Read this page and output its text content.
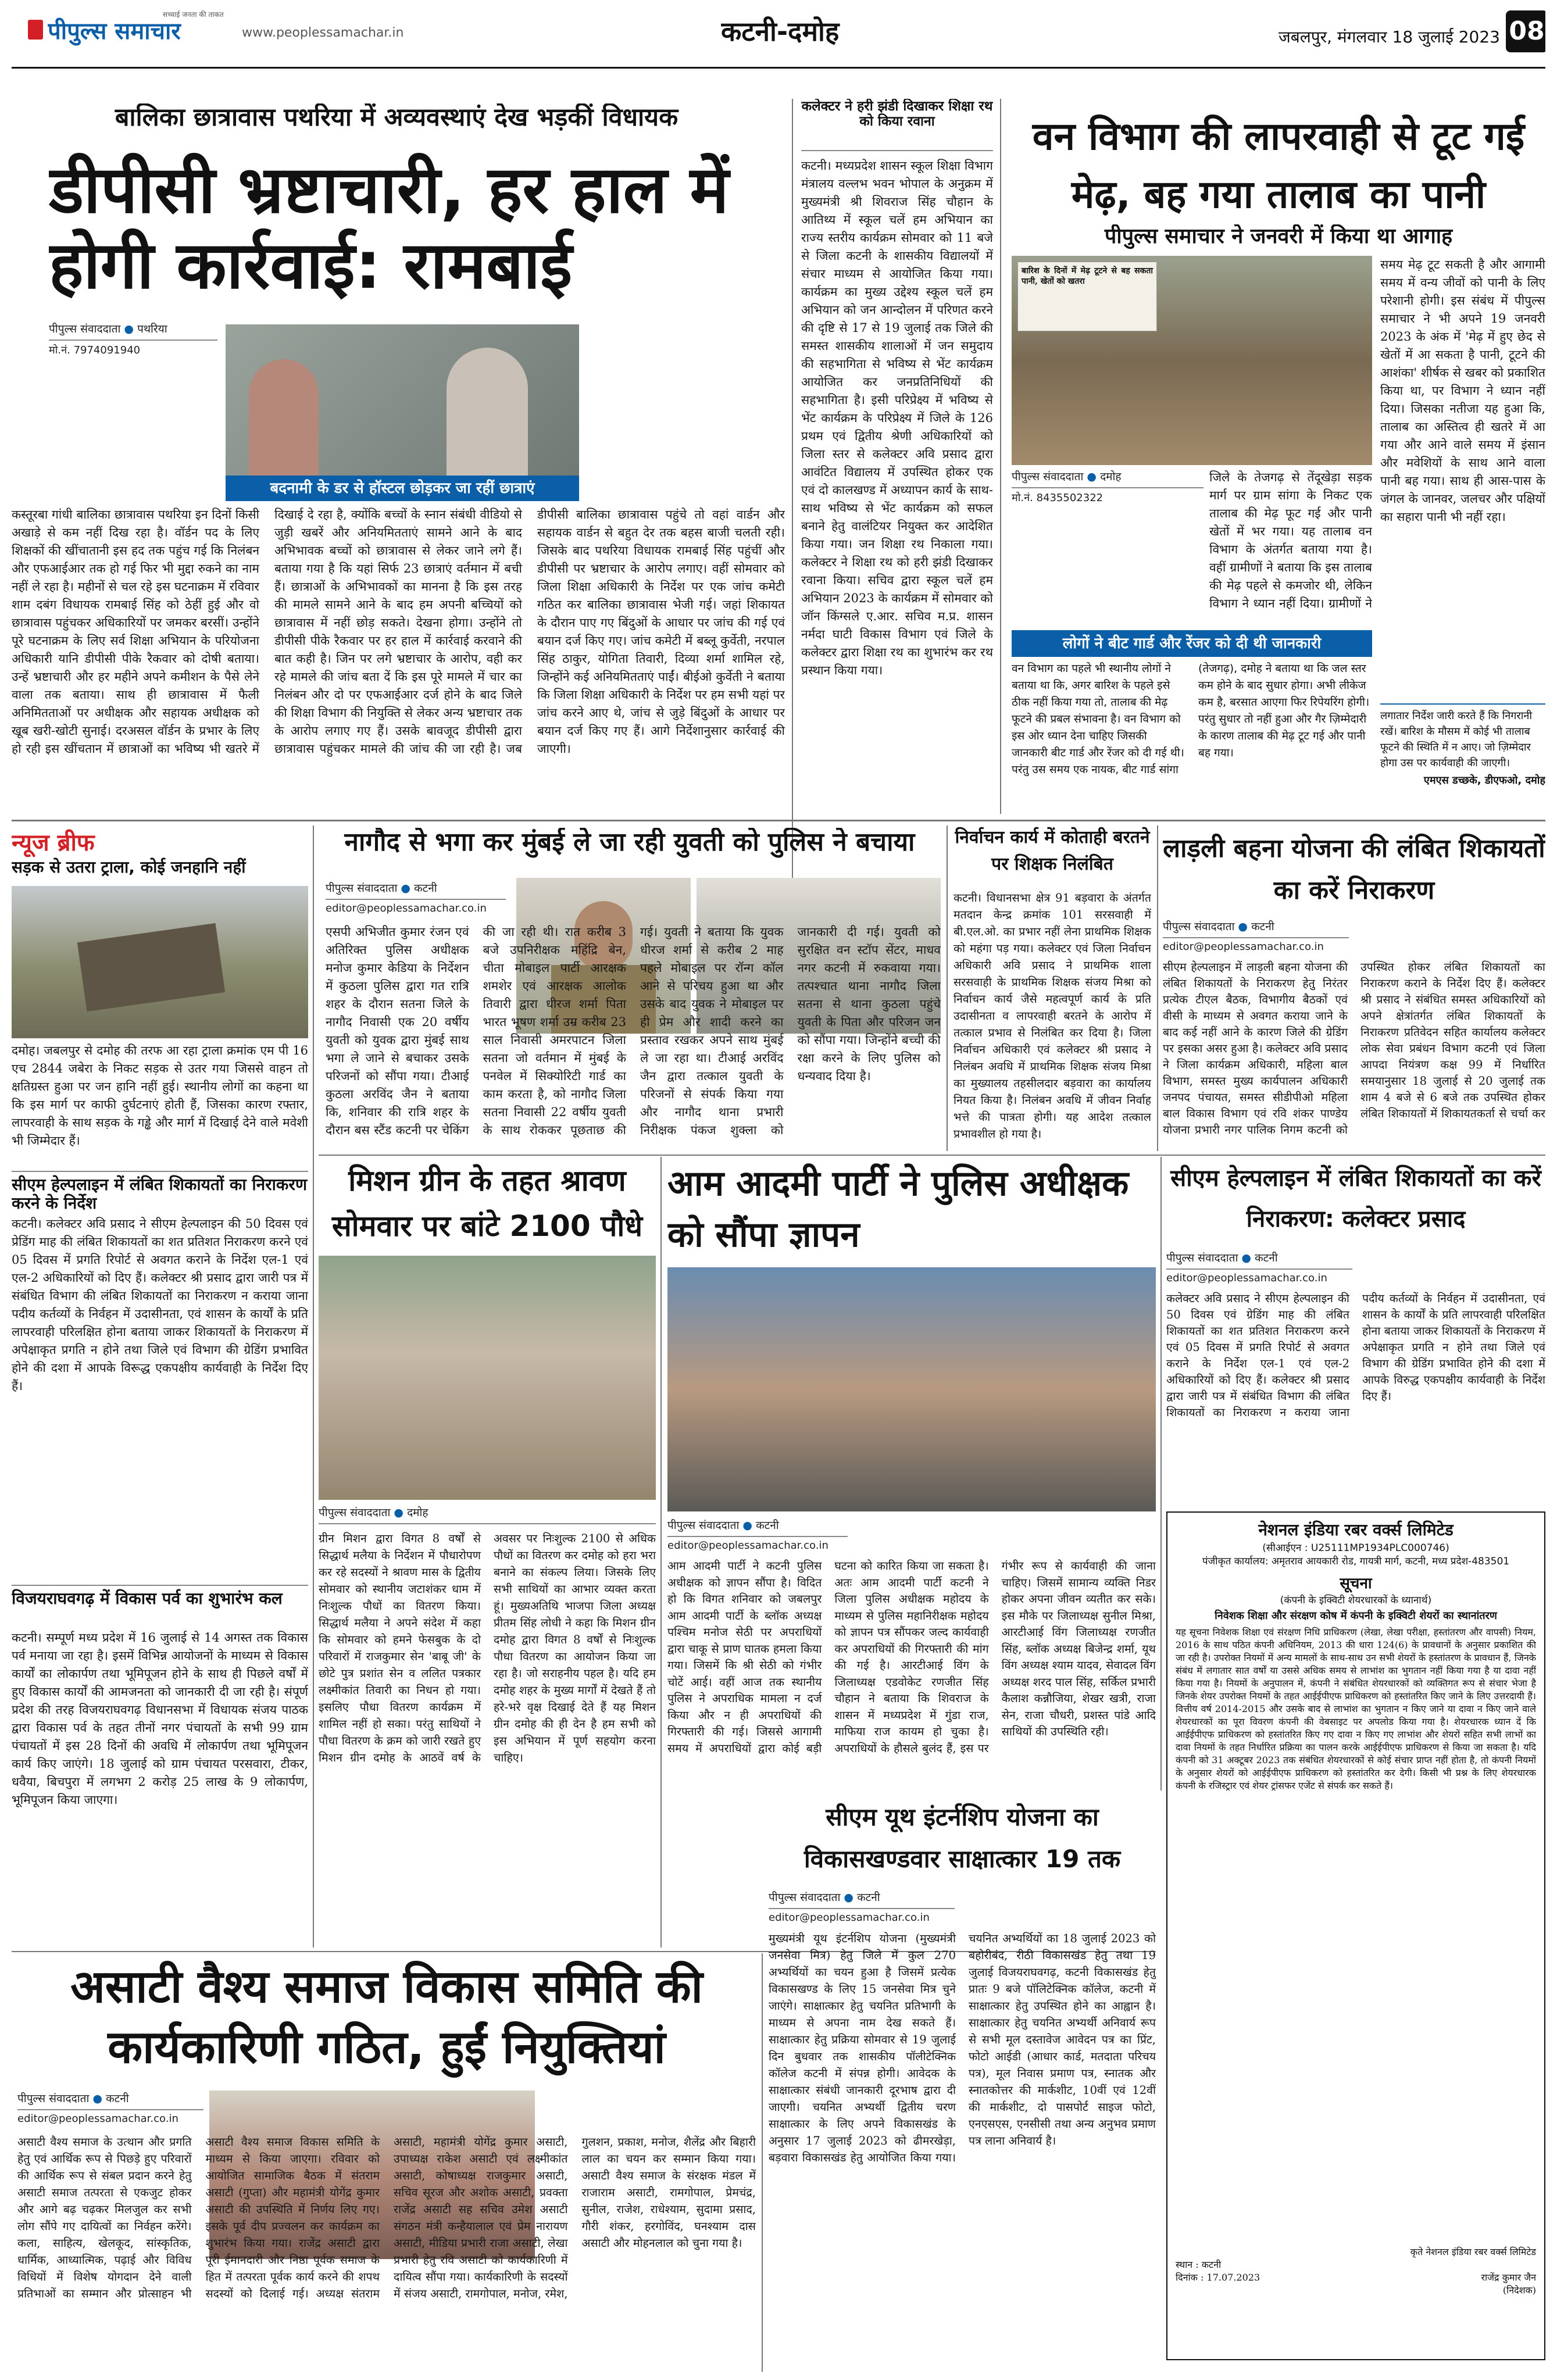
पीपुल्स समाचार
सच्चाई जनता की ताकत
www.peoplessamachar.in	कटनी-दमोह	जबलपुर, मंगलवार 18 जुलाई 2023 08
बालिका छात्रावास पथरिया में अव्यवस्थाएं देख भड़कीं विधायक
डीपीसी भ्रष्टाचारी, हर हाल में होगी कार्रवाई: रामबाई
पीपुल्स संवाददाता ● पथरिया
मो.नं. 7974091940
बदनामी के डर से हॉस्टल छोड़कर जा रहीं छात्राएं
कस्तूरबा गांधी बालिका छात्रावास पथरिया इन दिनों किसी अखाड़े से कम नहीं दिख रहा है। वॉर्डन पद के लिए शिक्षकों की खींचातानी इस हद तक पहुंच गई कि निलंबन और एफआईआर तक हो गई फिर भी मुद्दा रुकने का नाम नहीं ले रहा है। महीनों से चल रहे इस घटनाक्रम में रविवार शाम दबंग विधायक रामबाई सिंह को ठेहीं हुई और वो छात्रावास पहुंचकर अधिकारियों पर जमकर बरसीं। उन्होंने पूरे घटनाक्रम के लिए सर्व शिक्षा अभियान के परियोजना अधिकारी यानि डीपीसी पीके रैकवार को दोषी बताया। उन्हें भ्रष्टाचारी और हर महीने अपने कमीशन के पैसे लेने वाला तक बताया। साथ ही छात्रावास में फैली अनिमितताओं पर अधीक्षक और सहायक अधीक्षक को खूब खरी-खोटी सुनाई। दरअसल वॉर्डन के प्रभार के लिए हो रही इस खींचतान में छात्राओं का भविष्य भी खतरे में दिखाई दे रहा है, क्योंकि बच्चों के स्नान संबंधी वीडियो से जुड़ी खबरें और अनियमितताएं सामने आने के बाद अभिभावक बच्चों को छात्रावास से लेकर जाने लगे हैं। बताया गया है कि यहां सिर्फ 23 छात्राएं वर्तमान में बची हैं। छात्राओं के अभिभावकों का मानना है कि इस तरह की मामले सामने आने के बाद हम अपनी बच्चियों को छात्रावास में नहीं छोड़ सकते। देखना होगा। उन्होंने तो डीपीसी पीके रैकवार पर हर हाल में कार्रवाई करवाने की बात कही है। जिन पर लगे भ्रष्टाचार के आरोप, वही कर रहे मामले की जांच बता दें कि इस पूरे मामले में चार का निलंबन और दो पर एफआईआर दर्ज होने के बाद जिले की शिक्षा विभाग की नियुक्ति से लेकर अन्य भ्रष्टाचार तक के आरोप लगाए गए हैं। उसके बावजूद डीपीसी द्वारा छात्रावास पहुंचकर मामले की जांच की जा रही है। जब डीपीसी बालिका छात्रावास पहुंचे तो वहां वार्डन और सहायक वार्डन से बहुत देर तक बहस बाजी चलती रही। जिसके बाद पथरिया विधायक रामबाई सिंह पहुंचीं और डीपीसी पर भ्रष्टाचार के आरोप लगाए। वहीं सोमवार को जिला शिक्षा अधिकारी के निर्देश पर एक जांच कमेटी गठित कर बालिका छात्रावास भेजी गई। जहां शिकायत के दौरान पाए गए बिंदुओं के आधार पर जांच की गई एवं बयान दर्ज किए गए। जांच कमेटी में बब्लू कुर्वेती, नरपाल सिंह ठाकुर, योगिता तिवारी, दिव्या शर्मा शामिल रहे, जिन्होंने कई अनियमितताएं पाईं। बीईओ कुर्वेती ने बताया कि जिला शिक्षा अधिकारी के निर्देश पर हम सभी यहां पर जांच करने आए थे, जांच से जुड़े बिंदुओं के आधार पर बयान दर्ज किए गए हैं। आगे निर्देशानुसार कार्रवाई की जाएगी।
कलेक्टर ने हरी झंडी दिखाकर शिक्षा रथ को किया रवाना
कटनी। मध्यप्रदेश शासन स्कूल शिक्षा विभाग मंत्रालय वल्लभ भवन भोपाल के अनुक्रम में मुख्यमंत्री श्री शिवराज सिंह चौहान के आतिथ्य में स्कूल चलें हम अभियान का राज्य स्तरीय कार्यक्रम सोमवार को 11 बजे से जिला कटनी के शासकीय विद्यालयों में संचार माध्यम से आयोजित किया गया। कार्यक्रम का मुख्य उद्देश्य स्कूल चलें हम अभियान को जन आन्दोलन में परिणत करने की दृष्टि से 17 से 19 जुलाई तक जिले की समस्त शासकीय शालाओं में जन समुदाय की सहभागिता से भविष्य से भेंट कार्यक्रम आयोजित कर जनप्रतिनिधियों की सहभागिता है। इसी परिप्रेक्ष्य में भविष्य से भेंट कार्यक्रम के परिप्रेक्ष्य में जिले के 126 प्रथम एवं द्वितीय श्रेणी अधिकारियों को जिला स्तर से कलेक्टर अवि प्रसाद द्वारा आवंटित विद्यालय में उपस्थित होकर एक एवं दो कालखण्ड में अध्यापन कार्य के साथ-साथ भविष्य से भेंट कार्यक्रम को सफल बनाने हेतु वालंटियर नियुक्त कर आदेशित किया गया। जन शिक्षा रथ निकाला गया। कलेक्टर ने शिक्षा रथ को हरी झंडी दिखाकर रवाना किया। सचिव द्वारा स्कूल चलें हम अभियान 2023 के कार्यक्रम में सोमवार को जॉन किंग्सले ए.आर. सचिव म.प्र. शासन नर्मदा घाटी विकास विभाग एवं जिले के कलेक्टर द्वारा शिक्षा रथ का शुभारंभ कर रथ प्रस्थान किया गया।
वन विभाग की लापरवाही से टूट गई मेढ़, बह गया तालाब का पानी
पीपुल्स समाचार ने जनवरी में किया था आगाह
बारिश के दिनों में मेढ़ टूटने से बह सकता पानी, खेतों को खतरा
पीपुल्स संवाददाता ● दमोह
मो.नं. 8435502322
समय मेढ़ टूट सकती है और आगामी समय में वन्य जीवों को पानी के लिए परेशानी होगी। इस संबंध में पीपुल्स समाचार ने भी अपने 19 जनवरी 2023 के अंक में 'मेढ़ में हुए छेद से खेतों में आ सकता है पानी, टूटने की आशंका' शीर्षक से खबर को प्रकाशित किया था, पर विभाग ने ध्यान नहीं दिया। जिसका नतीजा यह हुआ कि, तालाब का अस्तित्व ही खतरे में आ गया और आने वाले समय में इंसान और मवेशियों के साथ आने वाला पानी बह गया। साथ ही आस-पास के जंगल के जानवर, जलचर और पक्षियों का सहारा पानी भी नहीं रहा।
जिले के तेजगढ़ से तेंदूखेड़ा सड़क मार्ग पर ग्राम सांगा के निकट एक तालाब की मेढ़ फूट गई और पानी खेतों में भर गया। यह तालाब वन विभाग के अंतर्गत बताया गया है। वहीं ग्रामीणों ने बताया कि इस तालाब की मेढ़ पहले से कमजोर थी, लेकिन विभाग ने ध्यान नहीं दिया। ग्रामीणों ने
लोगों ने बीट गार्ड और रेंजर को दी थी जानकारी
वन विभाग का पहले भी स्थानीय लोगों ने बताया था कि, अगर बारिश के पहले इसे ठीक नहीं किया गया तो, तालाब की मेढ़ फूटने की प्रबल संभावना है। वन विभाग को इस ओर ध्यान देना चाहिए जिसकी जानकारी बीट गार्ड और रेंजर को दी गई थी। परंतु उस समय एक नायक, बीट गार्ड सांगा (तेजगढ़), दमोह ने बताया था कि जल स्तर कम होने के बाद सुधार होगा। अभी लीकेज कम है, बरसात आएगा फिर रिपेयरिंग होगी। परंतु सुधार तो नहीं हुआ और गैर ज़िम्मेदारी के कारण तालाब की मेढ़ टूट गई और पानी बह गया।
लगातार निर्देश जारी करते हैं कि निगरानी रखें। बारिश के मौसम में कोई भी तालाब फूटने की स्थिति में न आए। जो ज़िम्मेदार होगा उस पर कार्यवाही की जाएगी।
एमएस डच्छके, डीएफओ, दमोह
न्यूज ब्रीफ
सड़क से उतरा ट्राला, कोई जनहानि नहीं
दमोह। जबलपुर से दमोह की तरफ आ रहा ट्राला क्रमांक एम पी 16 एच 2844 जबेरा के निकट सड़क से उतर गया जिससे वाहन तो क्षतिग्रस्त हुआ पर जन हानि नहीं हुई। स्थानीय लोगों का कहना था कि इस मार्ग पर काफी दुर्घटनाएं होती हैं, जिसका कारण रफ्तार, लापरवाही के साथ सड़क के गड्ढे और मार्ग में दिखाई देने वाले मवेशी भी जिम्मेदार हैं।
सीएम हेल्पलाइन में लंबित शिकायतों का निराकरण करने के निर्देश
कटनी। कलेक्टर अवि प्रसाद ने सीएम हेल्पलाइन की 50 दिवस एवं प्रेडिंग माह की लंबित शिकायतों का शत प्रतिशत निराकरण करने एवं 05 दिवस में प्रगति रिपोर्ट से अवगत कराने के निर्देश एल-1 एवं एल-2 अधिकारियों को दिए हैं। कलेक्टर श्री प्रसाद द्वारा जारी पत्र में संबंधित विभाग की लंबित शिकायतों का निराकरण न कराया जाना पदीय कर्तव्यों के निर्वहन में उदासीनता, एवं शासन के कार्यों के प्रति लापरवाही परिलक्षित होना बताया जाकर शिकायतों के निराकरण में अपेक्षाकृत प्रगति न होने तथा जिले एवं विभाग की ग्रेडिंग प्रभावित होने की दशा में आपके विरूद्ध एकपक्षीय कार्यवाही के निर्देश दिए हैं।
विजयराघवगढ़ में विकास पर्व का शुभारंभ कल
कटनी। सम्पूर्ण मध्य प्रदेश में 16 जुलाई से 14 अगस्त तक विकास पर्व मनाया जा रहा है। इसमें विभिन्न आयोजनों के माध्यम से विकास कार्यों का लोकार्पण तथा भूमिपूजन होने के साथ ही पिछले वर्षों में हुए विकास कार्यों की आमजनता को जानकारी दी जा रही है। संपूर्ण प्रदेश की तरह विजयराघवगढ़ विधानसभा में विधायक संजय पाठक द्वारा विकास पर्व के तहत तीनों नगर पंचायतों के सभी 99 ग्राम पंचायतों में इस 28 दिनों की अवधि में लोकार्पण तथा भूमिपूजन कार्य किए जाएंगे। 18 जुलाई को ग्राम पंचायत परसवारा, टीकर, धवैया, बिचपुरा में लगभग 2 करोड़ 25 लाख के 9 लोकार्पण, भूमिपूजन किया जाएगा।
नागौद से भगा कर मुंबई ले जा रही युवती को पुलिस ने बचाया
पीपुल्स संवाददाता ● कटनी
editor@peoplessamachar.co.in
एसपी अभिजीत कुमार रंजन एवं अतिरिक्त पुलिस अधीक्षक मनोज कुमार केडिया के निर्देशन में कुठला पुलिस द्वारा गत रात्रि शहर के दौरान सतना जिले के नागौद निवासी एक 20 वर्षीय युवती को युवक द्वारा मुंबई साथ भगा ले जाने से बचाकर उसके परिजनों को सौंपा गया। टीआई कुठला अरविंद जैन ने बताया कि, शनिवार की रात्रि शहर के दौरान बस स्टैंड कटनी पर चेकिंग की जा रही थी। रात करीब 3 बजे उपनिरीक्षक महिंद्रि बेन, चीता मोबाइल पार्टी आरक्षक शमशेर एवं आरक्षक आलोक तिवारी द्वारा धीरज शर्मा पिता भारत भूषण शर्मा उम्र करीब 23 साल निवासी अमरपाटन जिला सतना जो वर्तमान में मुंबई के पनवेल में सिक्योरिटी गार्ड का काम करता है, को नागौद जिला सतना निवासी 22 वर्षीय युवती के साथ रोककर पूछताछ की गई। युवती ने बताया कि युवक धीरज शर्मा से करीब 2 माह पहले मोबाइल पर रॉन्ग कॉल आने से परिचय हुआ था और उसके बाद युवक ने मोबाइल पर ही प्रेम और शादी करने का प्रस्ताव रखकर अपने साथ मुंबई ले जा रहा था। टीआई अरविंद जैन द्वारा तत्काल युवती के परिजनों से संपर्क किया गया और नागौद थाना प्रभारी निरीक्षक पंकज शुक्ला को जानकारी दी गई। युवती को सुरक्षित वन स्टॉप सेंटर, माधव नगर कटनी में रुकवाया गया। तत्पश्चात थाना नागौद जिला सतना से थाना कुठला पहुंचे युवती के पिता और परिजन जन को सौंपा गया। जिन्होंने बच्ची की रक्षा करने के लिए पुलिस को धन्यवाद दिया है।
निर्वाचन कार्य में कोताही बरतने पर शिक्षक निलंबित
कटनी। विधानसभा क्षेत्र 91 बड़वारा के अंतर्गत मतदान केन्द्र क्रमांक 101 सरसवाही में बी.एल.ओ. का प्रभार नहीं लेना प्राथमिक शिक्षक को महंगा पड़ गया। कलेक्टर एवं जिला निर्वाचन अधिकारी अवि प्रसाद ने प्राथमिक शाला सरसवाही के प्राथमिक शिक्षक संजय मिश्रा को निर्वाचन कार्य जैसे महत्वपूर्ण कार्य के प्रति उदासीनता व लापरवाही बरतने के आरोप में तत्काल प्रभाव से निलंबित कर दिया है। जिला निर्वाचन अधिकारी एवं कलेक्टर श्री प्रसाद ने निलंबन अवधि में प्राथमिक शिक्षक संजय मिश्रा का मुख्यालय तहसीलदार बड़वारा का कार्यालय नियत किया है। निलंबन अवधि में जीवन निर्वाह भत्ते की पात्रता होगी। यह आदेश तत्काल प्रभावशील हो गया है।
लाड़ली बहना योजना की लंबित शिकायतों का करें निराकरण
पीपुल्स संवाददाता ● कटनी
editor@peoplessamachar.co.in
सीएम हेल्पलाइन में लाड़ली बहना योजना की लंबित शिकायतों के निराकरण हेतु निरंतर प्रत्येक टीएल बैठक, विभागीय बैठकों एवं वीसी के माध्यम से अवगत कराया जाने के बाद कई नहीं आने के कारण जिले की ग्रेडिंग पर इसका असर हुआ है। कलेक्टर अवि प्रसाद ने जिला कार्यक्रम अधिकारी, महिला बाल विभाग, समस्त मुख्य कार्यपालन अधिकारी जनपद पंचायत, समस्त सीडीपीओ महिला बाल विकास विभाग एवं रवि शंकर पाण्डेय योजना प्रभारी नगर पालिक निगम कटनी को उपस्थित होकर लंबित शिकायतों का निराकरण कराने के निर्देश दिए हैं। कलेक्टर श्री प्रसाद ने संबंधित समस्त अधिकारियों को अपने क्षेत्रांतर्गत लंबित शिकायतों के निराकरण प्रतिवेदन सहित कार्यालय कलेक्टर लोक सेवा प्रबंधन विभाग कटनी एवं जिला आपदा नियंत्रण कक्ष 99 में निर्धारित समयानुसार 18 जुलाई से 20 जुलाई तक शाम 4 बजे से 6 बजे तक उपस्थित होकर लंबित शिकायतों में शिकायतकर्ता से चर्चा कर
मिशन ग्रीन के तहत श्रावण सोमवार पर बांटे 2100 पौधे
पीपुल्स संवाददाता ● दमोह
ग्रीन मिशन द्वारा विगत 8 वर्षों से सिद्धार्थ मलैया के निर्देशन में पौधारोपण कर रहे सदस्यों ने श्रावण मास के द्वितीय सोमवार को स्थानीय जटाशंकर धाम में निःशुल्क पौधों का वितरण किया। सिद्धार्थ मलैया ने अपने संदेश में कहा कि सोमवार को हमने फेसबुक के दो परिवारों में राजकुमार सेन 'बाबू जी' के छोटे पुत्र प्रशांत सेन व ललित पत्रकार लक्ष्मीकांत तिवारी का निधन हो गया। इसलिए पौधा वितरण कार्यक्रम में शामिल नहीं हो सका। परंतु साथियों ने पौधा वितरण के क्रम को जारी रखते हुए मिशन ग्रीन दमोह के आठवें वर्ष के अवसर पर निःशुल्क 2100 से अधिक पौधों का वितरण कर दमोह को हरा भरा बनाने का संकल्प लिया। जिसके लिए सभी साथियों का आभार व्यक्त करता हूं। मुख्यअतिथि भाजपा जिला अध्यक्ष प्रीतम सिंह लोधी ने कहा कि मिशन ग्रीन दमोह द्वारा विगत 8 वर्षों से निःशुल्क पौधा वितरण का आयोजन किया जा रहा है। जो सराहनीय पहल है। यदि हम दमोह शहर के मुख्य मार्गों में देखते हैं तो हरे-भरे वृक्ष दिखाई देते हैं यह मिशन ग्रीन दमोह की ही देन है हम सभी को इस अभियान में पूर्ण सहयोग करना चाहिए।
आम आदमी पार्टी ने पुलिस अधीक्षक को सौंपा ज्ञापन
पीपुल्स संवाददाता ● कटनी
editor@peoplessamachar.co.in
आम आदमी पार्टी ने कटनी पुलिस अधीक्षक को ज्ञापन सौंपा है। विदित हो कि विगत शनिवार को जबलपुर आम आदमी पार्टी के ब्लॉक अध्यक्ष पश्चिम मनोज सेठी पर अपराधियों द्वारा चाकू से प्राण घातक हमला किया गया। जिसमें कि श्री सेठी को गंभीर चोटें आई। वहीं आज तक स्थानीय पुलिस ने अपराधिक मामला न दर्ज किया और न ही अपराधियों की गिरफ्तारी की गई। जिससे आगामी समय में अपराधियों द्वारा कोई बड़ी घटना को कारित किया जा सकता है। अतः आम आदमी पार्टी कटनी ने जिला पुलिस अधीक्षक महोदय के माध्यम से पुलिस महानिरीक्षक महोदय को ज्ञापन पत्र सौंपकर जल्द कार्यवाही कर अपराधियों की गिरफ्तारी की मांग की गई है। आरटीआई विंग के जिलाध्यक्ष एडवोकेट रणजीत सिंह चौहान ने बताया कि शिवराज के शासन में मध्यप्रदेश में गुंडा राज, माफिया राज कायम हो चुका है। अपराधियों के हौसले बुलंद हैं, इस पर गंभीर रूप से कार्यवाही की जाना चाहिए। जिसमें सामान्य व्यक्ति निडर होकर अपना जीवन व्यतीत कर सके। इस मौके पर जिलाध्यक्ष सुनील मिश्रा, आरटीआई विंग जिलाध्यक्ष रणजीत सिंह, ब्लॉक अध्यक्ष बिजेन्द्र शर्मा, यूथ विंग अध्यक्ष श्याम यादव, सेवादल विंग अध्यक्ष शरद पाल सिंह, सर्किल प्रभारी कैलाश कन्नौजिया, शेखर खत्री, राजा सेन, राजा चौधरी, प्रशस्त पांडे आदि साथियों की उपस्थिति रही।
सीएम हेल्पलाइन में लंबित शिकायतों का करें निराकरण: कलेक्टर प्रसाद
पीपुल्स संवाददाता ● कटनी
editor@peoplessamachar.co.in
कलेक्टर अवि प्रसाद ने सीएम हेल्पलाइन की 50 दिवस एवं ग्रेडिंग माह की लंबित शिकायतों का शत प्रतिशत निराकरण करने एवं 05 दिवस में प्रगति रिपोर्ट से अवगत कराने के निर्देश एल-1 एवं एल-2 अधिकारियों को दिए हैं। कलेक्टर श्री प्रसाद द्वारा जारी पत्र में संबंधित विभाग की लंबित शिकायतों का निराकरण न कराया जाना पदीय कर्तव्यों के निर्वहन में उदासीनता, एवं शासन के कार्यों के प्रति लापरवाही परिलक्षित होना बताया जाकर शिकायतों के निराकरण में अपेक्षाकृत प्रगति न होने तथा जिले एवं विभाग की ग्रेडिंग प्रभावित होने की दशा में आपके विरुद्ध एकपक्षीय कार्यवाही के निर्देश दिए हैं।
नेशनल इंडिया रबर वर्क्स लिमिटेड
(सीआईएन : U25111MP1934PLC000746)
पंजीकृत कार्यालय: अमृतराव आयकारी रोड, गायत्री मार्ग, कटनी, मध्य प्रदेश-483501
सूचना
(कंपनी के इक्विटी शेयरधारकों के ध्यानार्थ)
निवेशक शिक्षा और संरक्षण कोष में कंपनी के इक्विटी शेयरों का स्थानांतरण
यह सूचना निवेशक शिक्षा एवं संरक्षण निधि प्राधिकरण (लेखा, लेखा परीक्षा, हस्तांतरण और वापसी) नियम, 2016 के साथ पठित कंपनी अधिनियम, 2013 की धारा 124(6) के प्रावधानों के अनुसार प्रकाशित की जा रही है। उपरोक्त नियमों में अन्य मामलों के साथ-साथ उन सभी शेयरों के हस्तांतरण के प्रावधान हैं, जिनके संबंध में लगातार सात वर्षों या उससे अधिक समय से लाभांश का भुगतान नहीं किया गया है या दावा नहीं किया गया है। नियमों के अनुपालन में, कंपनी ने संबंधित शेयरधारकों को व्यक्तिगत रूप से संचार भेजा है जिनके शेयर उपरोक्त नियमों के तहत आईईपीएफ प्राधिकरण को हस्तांतरित किए जाने के लिए उत्तरदायी हैं। वित्तीय वर्ष 2014-2015 और उसके बाद से लाभांश का भुगतान न किए जाने या दावा न किए जाने वाले शेयरधारकों का पूरा विवरण कंपनी की वेबसाइट पर अपलोड किया गया है। शेयरधारक ध्यान दें कि आईईपीएफ प्राधिकरण को हस्तांतरित किए गए दावा न किए गए लाभांश और शेयरों सहित सभी लाभों का दावा नियमों के तहत निर्धारित प्रक्रिया का पालन करके आईईपीएफ प्राधिकरण से किया जा सकता है। यदि कंपनी को 31 अक्टूबर 2023 तक संबंधित शेयरधारकों से कोई संचार प्राप्त नहीं होता है, तो कंपनी नियमों के अनुसार शेयरों को आईईपीएफ प्राधिकरण को हस्तांतरित कर देगी। किसी भी प्रश्न के लिए शेयरधारक कंपनी के रजिस्ट्रार एवं शेयर ट्रांसफर एजेंट से संपर्क कर सकते हैं।
कृते नेशनल इंडिया रबर वर्क्स लिमिटेड
स्थान : कटनी
दिनांक : 17.07.2023	राजेंद्र कुमार जैन
(निदेशक)
असाटी वैश्य समाज विकास समिति की कार्यकारिणी गठित, हुईं नियुक्तियां
पीपुल्स संवाददाता ● कटनी
editor@peoplessamachar.co.in
असाटी वैश्य समाज के उत्थान और प्रगति हेतु एवं आर्थिक रूप से पिछड़े हुए परिवारों की आर्थिक रूप से संबल प्रदान करने हेतु असाटी समाज तत्परता से एकजुट होकर और आगे बढ़ चढ़कर मिलजुल कर सभी लोग सौंपे गए दायित्वों का निर्वहन करेंगे। कला, साहित्य, खेलकूद, सांस्कृतिक, धार्मिक, आध्यात्मिक, पढ़ाई और विविध विधियों में विशेष योगदान देने वाली प्रतिभाओं का सम्मान और प्रोत्साहन भी असाटी वैश्य समाज विकास समिति के माध्यम से किया जाएगा। रविवार को आयोजित सामाजिक बैठक में संतराम असाटी (गुप्ता) और महामंत्री योगेंद्र कुमार असाटी की उपस्थिति में निर्णय लिए गए। इसके पूर्व दीप प्रज्वलन कर कार्यक्रम का शुभारंभ किया गया। राजेंद्र असाटी द्वारा पूरी ईमानदारी और निष्ठा पूर्वक समाज के हित में तत्परता पूर्वक कार्य करने की शपथ सदस्यों को दिलाई गई। अध्यक्ष संतराम असाटी, महामंत्री योगेंद्र कुमार असाटी, उपाध्यक्ष राकेश असाटी एवं लक्ष्मीकांत असाटी, कोषाध्यक्ष राजकुमार असाटी, सचिव सूरज और अशोक असाटी, प्रवक्ता राजेंद्र असाटी सह सचिव उमेश असाटी संगठन मंत्री कन्हैयालाल एवं प्रेम नारायण असाटी, मीडिया प्रभारी राजा असाटी, लेखा प्रभारी हेतु रवि असाटी को कार्यकारिणी में दायित्व सौंपा गया। कार्यकारिणी के सदस्यों में संजय असाटी, रामगोपाल, मनोज, रमेश, गुलशन, प्रकाश, मनोज, शैलेंद्र और बिहारी लाल का चयन कर सम्मान किया गया। असाटी वैश्य समाज के संरक्षक मंडल में राजाराम असाटी, रामगोपाल, प्रेमचंद्र, सुनील, राजेश, राधेश्याम, सुदामा प्रसाद, गौरी शंकर, हरगोविंद, घनश्याम दास असाटी और मोहनलाल को चुना गया है।
सीएम यूथ इंटर्नशिप योजना का विकासखण्डवार साक्षात्कार 19 तक
पीपुल्स संवाददाता ● कटनी
editor@peoplessamachar.co.in
मुख्यमंत्री यूथ इंटर्नशिप योजना (मुख्यमंत्री जनसेवा मित्र) हेतु जिले में कुल 270 अभ्यर्थियों का चयन हुआ है जिसमें प्रत्येक विकासखण्ड के लिए 15 जनसेवा मित्र चुने जाएंगे। साक्षात्कार हेतु चयनित प्रतिभागी के माध्यम से अपना नाम देख सकते हैं। साक्षात्कार हेतु प्रक्रिया सोमवार से 19 जुलाई दिन बुधवार तक शासकीय पॉलीटेक्निक कॉलेज कटनी में संपन्न होगी। आवेदक के साक्षात्कार संबंधी जानकारी दूरभाष द्वारा दी जाएगी। चयनित अभ्यर्थी द्वितीय चरण साक्षात्कार के लिए अपने विकासखंड के अनुसार 17 जुलाई 2023 को ढीमरखेड़ा, बड़वारा विकासखंड हेतु आयोजित किया गया। चयनित अभ्यर्थियों का 18 जुलाई 2023 को बहोरीबंद, रीठी विकासखंड हेतु तथा 19 जुलाई विजयराघवगढ़, कटनी विकासखंड हेतु प्रातः 9 बजे पॉलिटेक्निक कॉलेज, कटनी में साक्षात्कार हेतु उपस्थित होने का आह्वान है। साक्षात्कार हेतु चयनित अभ्यर्थी अनिवार्य रूप से सभी मूल दस्तावेज आवेदन पत्र का प्रिंट, फोटो आईडी (आधार कार्ड, मतदाता परिचय पत्र), मूल निवास प्रमाण पत्र, स्नातक और स्नातकोत्तर की मार्कशीट, 10वीं एवं 12वीं की मार्कशीट, दो पासपोर्ट साइज फोटो, एनएसएस, एनसीसी तथा अन्य अनुभव प्रमाण पत्र लाना अनिवार्य है।
